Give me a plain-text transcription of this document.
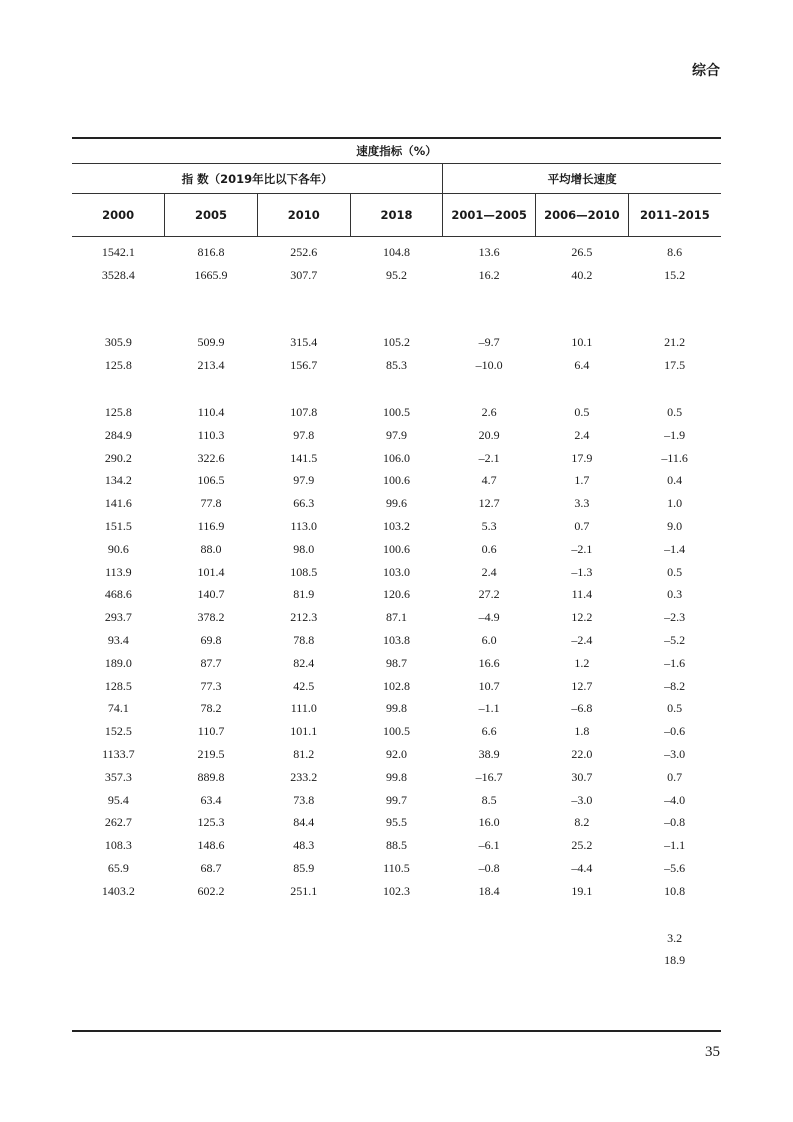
综合
速度指标（%）						
指 数（2019年比以下各年）				平均增长速度		
2000	2005	2010	2018	2001—2005	2006—2010	2011–2015
1542.1	816.8	252.6	104.8	13.6	26.5	8.6
3528.4	1665.9	307.7	95.2	16.2	40.2	15.2

305.9	509.9	315.4	105.2	–9.7	10.1	21.2
125.8	213.4	156.7	85.3	–10.0	6.4	17.5

125.8	110.4	107.8	100.5	2.6	0.5	0.5
284.9	110.3	97.8	97.9	20.9	2.4	–1.9
290.2	322.6	141.5	106.0	–2.1	17.9	–11.6
134.2	106.5	97.9	100.6	4.7	1.7	0.4
141.6	77.8	66.3	99.6	12.7	3.3	1.0
151.5	116.9	113.0	103.2	5.3	0.7	9.0
90.6	88.0	98.0	100.6	0.6	–2.1	–1.4
113.9	101.4	108.5	103.0	2.4	–1.3	0.5
468.6	140.7	81.9	120.6	27.2	11.4	0.3
293.7	378.2	212.3	87.1	–4.9	12.2	–2.3
93.4	69.8	78.8	103.8	6.0	–2.4	–5.2
189.0	87.7	82.4	98.7	16.6	1.2	–1.6
128.5	77.3	42.5	102.8	10.7	12.7	–8.2
74.1	78.2	111.0	99.8	–1.1	–6.8	0.5
152.5	110.7	101.1	100.5	6.6	1.8	–0.6
1133.7	219.5	81.2	92.0	38.9	22.0	–3.0
357.3	889.8	233.2	99.8	–16.7	30.7	0.7
95.4	63.4	73.8	99.7	8.5	–3.0	–4.0
262.7	125.3	84.4	95.5	16.0	8.2	–0.8
108.3	148.6	48.3	88.5	–6.1	25.2	–1.1
65.9	68.7	85.9	110.5	–0.8	–4.4	–5.6
1403.2	602.2	251.1	102.3	18.4	19.1	10.8

						3.2
						18.9
35
